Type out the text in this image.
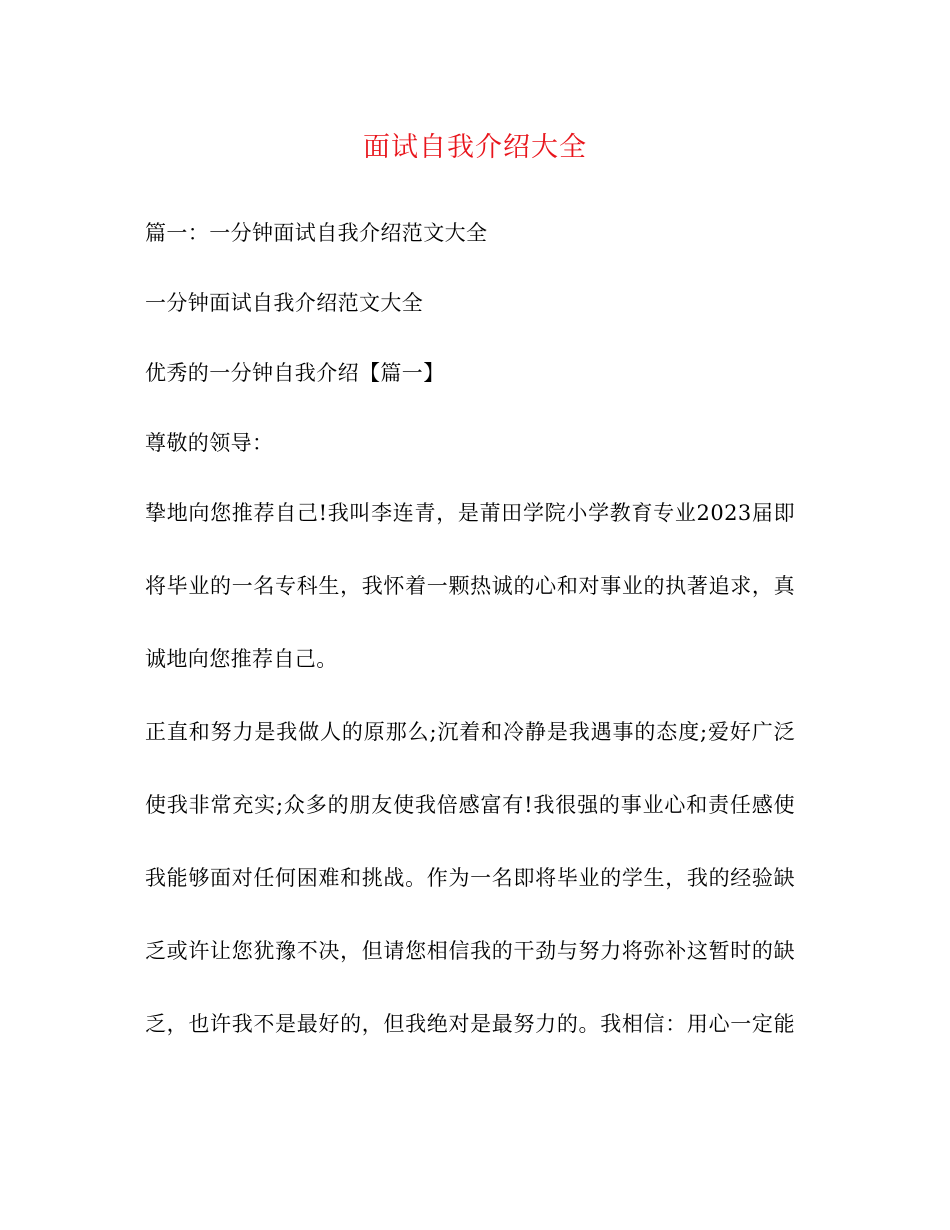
面试自我介绍大全
篇一：一分钟面试自我介绍范文大全
一分钟面试自我介绍范文大全
优秀的一分钟自我介绍【篇一】
尊敬的领导：
挚地向您推荐自己!我叫李连青，是莆田学院小学教育专业2023届即
将毕业的一名专科生，我怀着一颗热诚的心和对事业的执著追求，真
诚地向您推荐自己。
正直和努力是我做人的原那么;沉着和冷静是我遇事的态度;爱好广泛
使我非常充实;众多的朋友使我倍感富有!我很强的事业心和责任感使
我能够面对任何困难和挑战。作为一名即将毕业的学生，我的经验缺
乏或许让您犹豫不决，但请您相信我的干劲与努力将弥补这暂时的缺
乏，也许我不是最好的，但我绝对是最努力的。我相信：用心一定能
